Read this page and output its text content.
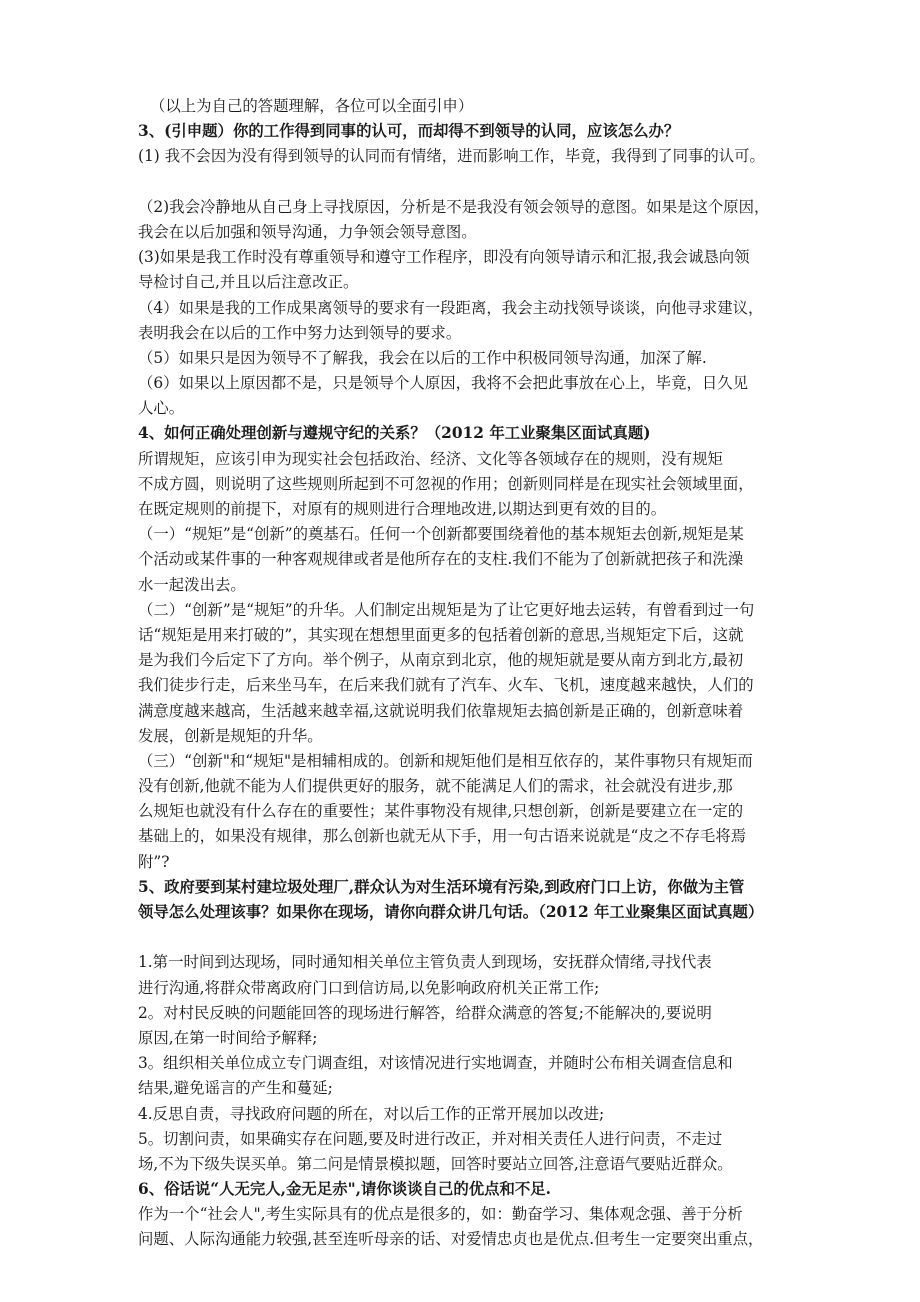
（以上为自己的答题理解，各位可以全面引申）
3、(引申题）你的工作得到同事的认可，而却得不到领导的认同，应该怎么办？
(1) 我不会因为没有得到领导的认同而有情绪，进而影响工作，毕竟，我得到了同事的认可。
（2)我会冷静地从自己身上寻找原因，分析是不是我没有领会领导的意图。如果是这个原因，
我会在以后加强和领导沟通，力争领会领导意图。
(3)如果是我工作时没有尊重领导和遵守工作程序，即没有向领导请示和汇报,我会诚恳向领
导检讨自己,并且以后注意改正。
（4）如果是我的工作成果离领导的要求有一段距离，我会主动找领导谈谈，向他寻求建议，
表明我会在以后的工作中努力达到领导的要求。
（5）如果只是因为领导不了解我，我会在以后的工作中积极同领导沟通，加深了解.
（6）如果以上原因都不是，只是领导个人原因，我将不会把此事放在心上，毕竟，日久见
人心。
4、如何正确处理创新与遵规守纪的关系？（2012 年工业聚集区面试真题)
所谓规矩，应该引申为现实社会包括政治、经济、文化等各领域存在的规则，没有规矩
不成方圆，则说明了这些规则所起到不可忽视的作用；创新则同样是在现实社会领域里面，
在既定规则的前提下，对原有的规则进行合理地改进,以期达到更有效的目的。
（一）“规矩”是“创新”的奠基石。任何一个创新都要围绕着他的基本规矩去创新,规矩是某
个活动或某件事的一种客观规律或者是他所存在的支柱.我们不能为了创新就把孩子和洗澡
水一起泼出去。
（二）“创新”是“规矩”的升华。人们制定出规矩是为了让它更好地去运转，有曾看到过一句
话“规矩是用来打破的”，其实现在想想里面更多的包括着创新的意思,当规矩定下后，这就
是为我们今后定下了方向。举个例子，从南京到北京，他的规矩就是要从南方到北方,最初
我们徒步行走，后来坐马车，在后来我们就有了汽车、火车、飞机，速度越来越快，人们的
满意度越来越高，生活越来越幸福,这就说明我们依靠规矩去搞创新是正确的，创新意味着
发展，创新是规矩的升华。
（三）“创新"和“规矩"是相辅相成的。创新和规矩他们是相互依存的，某件事物只有规矩而
没有创新,他就不能为人们提供更好的服务，就不能满足人们的需求，社会就没有进步,那
么规矩也就没有什么存在的重要性；某件事物没有规律,只想创新，创新是要建立在一定的
基础上的，如果没有规律，那么创新也就无从下手，用一句古语来说就是“皮之不存毛将焉
附”?
5、政府要到某村建垃圾处理厂,群众认为对生活环境有污染,到政府门口上访，你做为主管
领导怎么处理该事？如果你在现场，请你向群众讲几句话。（2012 年工业聚集区面试真题）
1.第一时间到达现场，同时通知相关单位主管负责人到现场，安抚群众情绪,寻找代表
进行沟通,将群众带离政府门口到信访局,以免影响政府机关正常工作;
2。对村民反映的问题能回答的现场进行解答，给群众满意的答复;不能解决的,要说明
原因,在第一时间给予解释;
3。组织相关单位成立专门调查组，对该情况进行实地调查，并随时公布相关调查信息和
结果,避免谣言的产生和蔓延;
4.反思自责，寻找政府问题的所在，对以后工作的正常开展加以改进;
5。切割问责，如果确实存在问题,要及时进行改正，并对相关责任人进行问责，不走过
场,不为下级失误买单。第二问是情景模拟题，回答时要站立回答,注意语气要贴近群众。
6、俗话说“人无完人,金无足赤",请你谈谈自己的优点和不足.
作为一个“社会人",考生实际具有的优点是很多的，如：勤奋学习、集体观念强、善于分析
问题、人际沟通能力较强,甚至连听母亲的话、对爱情忠贞也是优点.但考生一定要突出重点，
